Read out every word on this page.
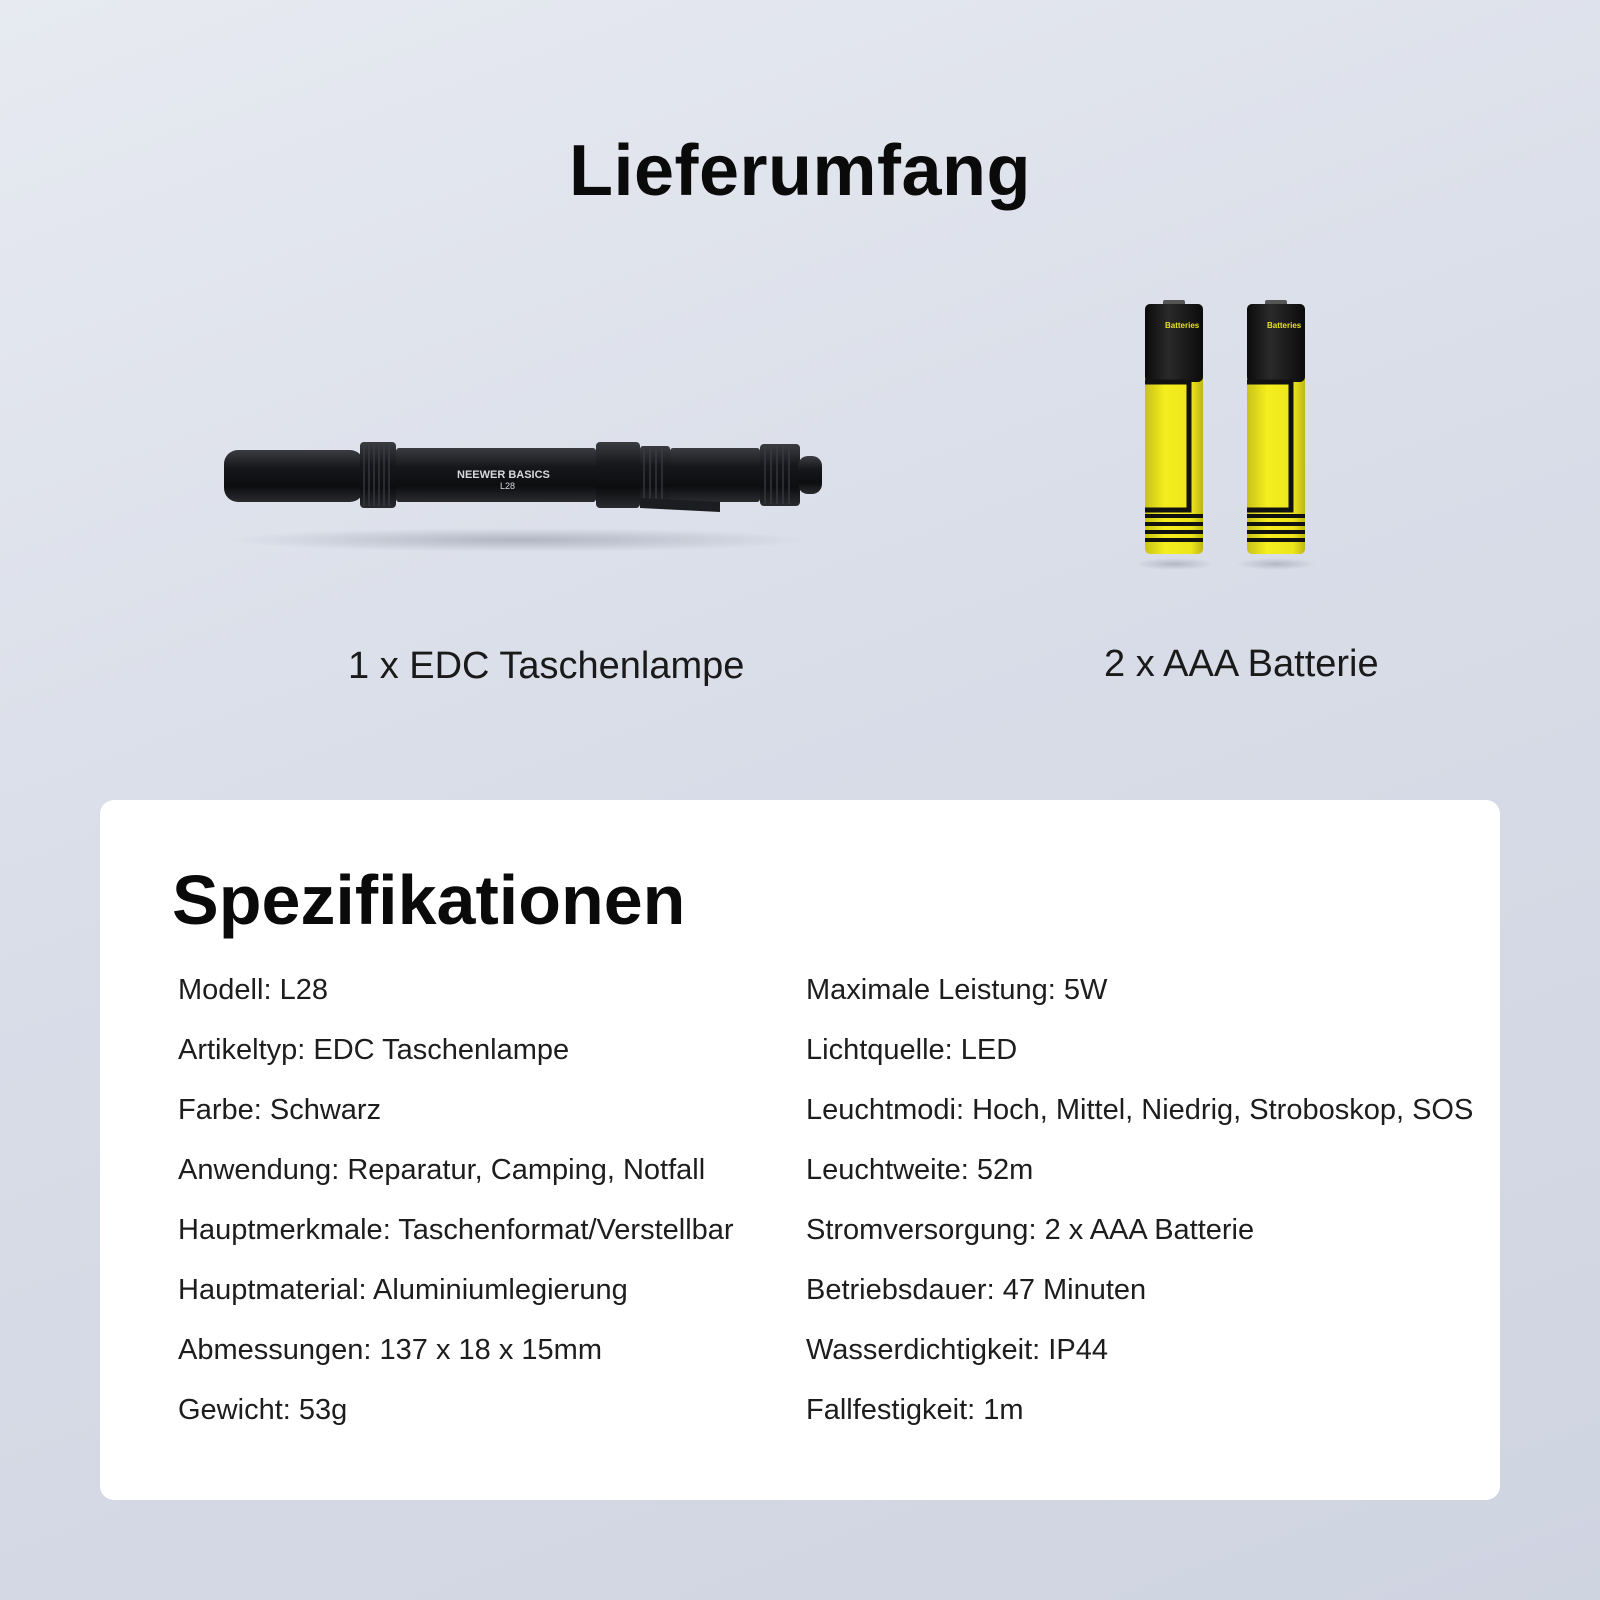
Lieferumfang
NEEWER BASICS
L28
Batteries	Batteries
1 x EDC Taschenlampe	2 x AAA Batterie
Spezifikationen
Modell : L28
Artikeltyp : EDC Taschenlampe
Farbe : Schwarz
Anwendung : Reparatur, Camping, Notfall
Hauptmerkmale : Taschenformat/Verstellbar
Hauptmaterial : Aluminiumlegierung
Abmessungen : 137 x 18 x 15mm
Gewicht : 53g
Maximale Leistung : 5W
Lichtquelle : LED
Leuchtmodi : Hoch, Mittel, Niedrig, Stroboskop, SOS
Leuchtweite : 52m
Stromversorgung : 2 x AAA Batterie
Betriebsdauer : 47 Minuten
Wasserdichtigkeit : IP44
Fallfestigkeit : 1m
